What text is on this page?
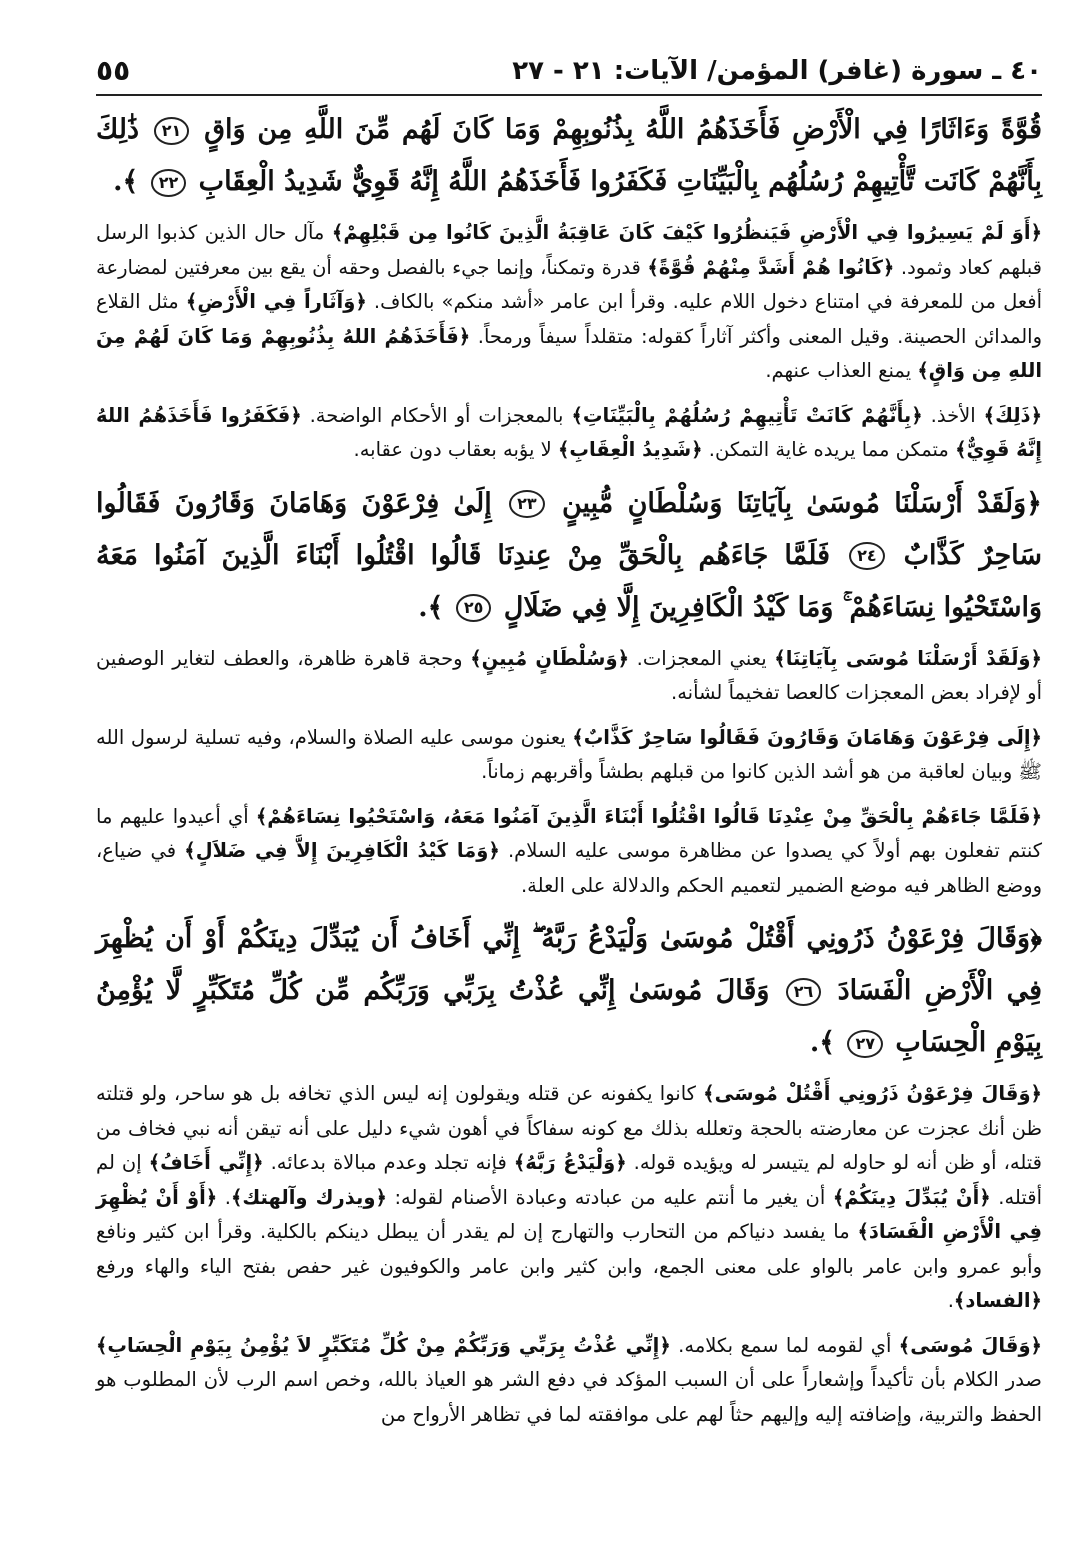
٤٠ ـ سورة (غافر) المؤمن/ الآيات: ٢١ - ٢٧
٥٥

قُوَّةً وَءَاثَارًا فِي الْأَرْضِ فَأَخَذَهُمُ اللَّهُ بِذُنُوبِهِمْ وَمَا كَانَ لَهُم مِّنَ اللَّهِ مِن وَاقٍ ٢١ ذَٰلِكَ بِأَنَّهُمْ كَانَت تَّأْتِيهِمْ رُسُلُهُم بِالْبَيِّنَاتِ فَكَفَرُوا فَأَخَذَهُمُ اللَّهُ إِنَّهُ قَوِيٌّ شَدِيدُ الْعِقَابِ ٢٢ ﴾.

﴿أَوَ لَمْ يَسِيرُوا فِي الْأَرْضِ فَيَنظُرُوا كَيْفَ كَانَ عَاقِبَةُ الَّذِينَ كَانُوا مِن قَبْلِهِمْ﴾ مآل حال الذين كذبوا الرسل قبلهم كعاد وثمود. ﴿كَانُوا هُمْ أَشَدَّ مِنْهُمْ قُوَّةً﴾ قدرة وتمكناً، وإنما جيء بالفصل وحقه أن يقع بين معرفتين لمضارعة أفعل من للمعرفة في امتناع دخول اللام عليه. وقرأ ابن عامر «أشد منكم» بالكاف. ﴿وَآثَاراً فِي الْأَرْضِ﴾ مثل القلاع والمدائن الحصينة. وقيل المعنى وأكثر آثاراً كقوله: متقلداً سيفاً ورمحاً. ﴿فَأَخَذَهُمُ اللهُ بِذُنُوبِهِمْ وَمَا كَانَ لَهُمْ مِنَ اللهِ مِن وَاقٍ﴾ يمنع العذاب عنهم.

﴿ذَلِكَ﴾ الأخذ. ﴿بِأَنَّهُمْ كَانَتْ تَأْتِيهِمْ رُسُلُهُمْ بِالْبَيِّنَاتِ﴾ بالمعجزات أو الأحكام الواضحة. ﴿فَكَفَرُوا فَأَخَذَهُمُ اللهُ إِنَّهُ قَوِيٌّ﴾ متمكن مما يريده غاية التمكن. ﴿شَدِيدُ الْعِقَابِ﴾ لا يؤبه بعقاب دون عقابه.

﴿وَلَقَدْ أَرْسَلْنَا مُوسَىٰ بِآيَاتِنَا وَسُلْطَانٍ مُّبِينٍ ٢٣ إِلَىٰ فِرْعَوْنَ وَهَامَانَ وَقَارُونَ فَقَالُوا سَاحِرٌ كَذَّابٌ ٢٤ فَلَمَّا جَاءَهُم بِالْحَقِّ مِنْ عِندِنَا قَالُوا اقْتُلُوا أَبْنَاءَ الَّذِينَ آمَنُوا مَعَهُ وَاسْتَحْيُوا نِسَاءَهُمْ ۚ وَمَا كَيْدُ الْكَافِرِينَ إِلَّا فِي ضَلَالٍ ٢٥ ﴾.

﴿وَلَقَدْ أَرْسَلْنَا مُوسَى بِآيَاتِنَا﴾ يعني المعجزات. ﴿وَسُلْطَانٍ مُبِينٍ﴾ وحجة قاهرة ظاهرة، والعطف لتغاير الوصفين أو لإفراد بعض المعجزات كالعصا تفخيماً لشأنه.

﴿إِلَى فِرْعَوْنَ وَهَامَانَ وَقَارُونَ فَقَالُوا سَاحِرٌ كَذَّابٌ﴾ يعنون موسى عليه الصلاة والسلام، وفيه تسلية لرسول الله ﷺ وبيان لعاقبة من هو أشد الذين كانوا من قبلهم بطشاً وأقربهم زماناً.

﴿فَلَمَّا جَاءَهُمْ بِالْحَقِّ مِنْ عِنْدِنَا قَالُوا اقْتُلُوا أَبْنَاءَ الَّذِينَ آمَنُوا مَعَهُ، وَاسْتَحْيُوا نِسَاءَهُمْ﴾ أي أعيدوا عليهم ما كنتم تفعلون بهم أولاً كي يصدوا عن مظاهرة موسى عليه السلام. ﴿وَمَا كَيْدُ الْكَافِرِينَ إِلاَّ فِي ضَلاَلٍ﴾ في ضياع، ووضع الظاهر فيه موضع الضمير لتعميم الحكم والدلالة على العلة.

﴿وَقَالَ فِرْعَوْنُ ذَرُونِي أَقْتُلْ مُوسَىٰ وَلْيَدْعُ رَبَّهُ ۖ إِنِّي أَخَافُ أَن يُبَدِّلَ دِينَكُمْ أَوْ أَن يُظْهِرَ فِي الْأَرْضِ الْفَسَادَ ٢٦ وَقَالَ مُوسَىٰ إِنِّي عُذْتُ بِرَبِّي وَرَبِّكُم مِّن كُلِّ مُتَكَبِّرٍ لَّا يُؤْمِنُ بِيَوْمِ الْحِسَابِ ٢٧ ﴾.

﴿وَقَالَ فِرْعَوْنُ ذَرُونِي أَقْتُلْ مُوسَى﴾ كانوا يكفونه عن قتله ويقولون إنه ليس الذي تخافه بل هو ساحر، ولو قتلته ظن أنك عجزت عن معارضته بالحجة وتعلله بذلك مع كونه سفاكاً في أهون شيء دليل على أنه تيقن أنه نبي فخاف من قتله، أو ظن أنه لو حاوله لم يتيسر له ويؤيده قوله. ﴿وَلْيَدْعُ رَبَّهُ﴾ فإنه تجلد وعدم مبالاة بدعائه. ﴿إِنِّي أَخَافُ﴾ إن لم أقتله. ﴿أَنْ يُبَدِّلَ دِينَكُمْ﴾ أن يغير ما أنتم عليه من عبادته وعبادة الأصنام لقوله: ﴿ويذرك وآلهتك﴾. ﴿أَوْ أَنْ يُظْهِرَ فِي الْأَرْضِ الْفَسَادَ﴾ ما يفسد دنياكم من التحارب والتهارج إن لم يقدر أن يبطل دينكم بالكلية. وقرأ ابن كثير ونافع وأبو عمرو وابن عامر بالواو على معنى الجمع، وابن كثير وابن عامر والكوفيون غير حفص بفتح الياء والهاء ورفع ﴿الفساد﴾.

﴿وَقَالَ مُوسَى﴾ أي لقومه لما سمع بكلامه. ﴿إِنِّي عُذْتُ بِرَبِّي وَرَبِّكُمْ مِنْ كُلِّ مُتَكَبِّرٍ لاَ يُؤْمِنُ بِيَوْمِ الْحِسَابِ﴾ صدر الكلام بأن تأكيداً وإشعاراً على أن السبب المؤكد في دفع الشر هو العياذ بالله، وخص اسم الرب لأن المطلوب هو الحفظ والتربية، وإضافته إليه وإليهم حثاً لهم على موافقته لما في تظاهر الأرواح من
